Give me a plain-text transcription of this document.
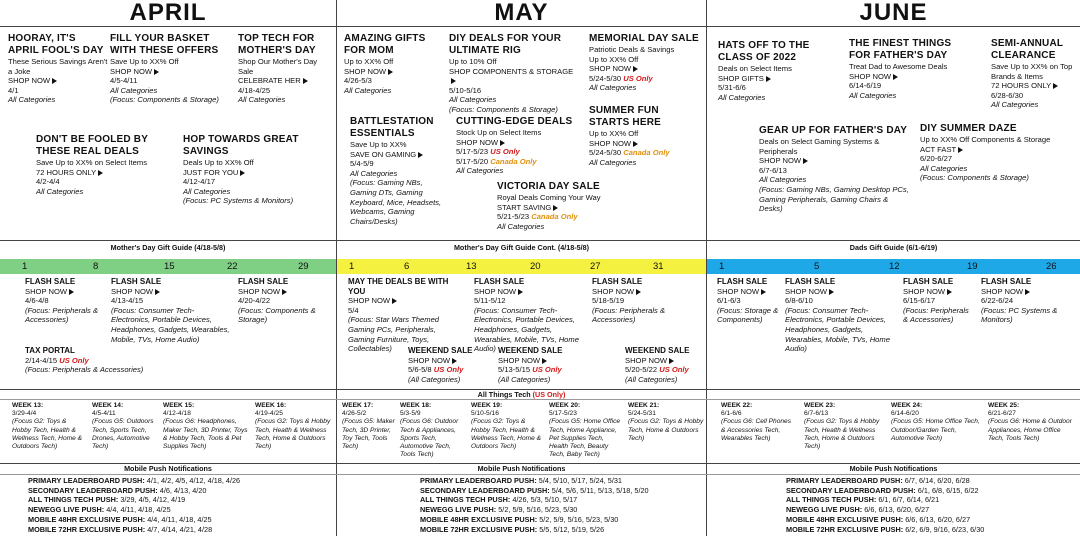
APRIL	MAY	JUNE
HOORAY, IT'S APRIL FOOL'S DAY
These Serious Savings Aren't a Joke
SHOP NOW
4/1
All Categories
FILL YOUR BASKET WITH THESE OFFERS
Save Up to XX% Off
SHOP NOW
4/5-4/11
All Categories
(Focus: Components & Storage)
TOP TECH FOR MOTHER'S DAY
Shop Our Mother's Day Sale
CELEBRATE HER
4/18-4/25
All Categories
DON'T BE FOOLED BY THESE REAL DEALS
Save Up to XX% on Select Items
72 HOURS ONLY
4/2-4/4
All Categories
HOP TOWARDS GREAT SAVINGS
Deals Up to XX% Off
JUST FOR YOU
4/12-4/17
All Categories
(Focus: PC Systems & Monitors)
AMAZING GIFTS FOR MOM
Up to XX% Off
SHOP NOW
4/26-5/3
All Categories
DIY DEALS FOR YOUR ULTIMATE RIG
Up to 10% Off
SHOP COMPONENTS & STORAGE
5/10-5/16
All Categories
(Focus: Components & Storage)
MEMORIAL DAY SALE
Patriotic Deals & Savings
Up to XX% Off
SHOP NOW
5/24-5/30 US Only
All Categories
BATTLESTATION ESSENTIALS
Save Up to XX%
SAVE ON GAMING
5/4-5/9
All Categories
(Focus: Gaming NBs, Gaming DTs, Gaming Keyboard, Mice, Headsets, Webcams, Gaming Chairs/Desks)
CUTTING-EDGE DEALS
Stock Up on Select Items
SHOP NOW
5/17-5/23 US Only
5/17-5/20 Canada Only
All Categories
SUMMER FUN STARTS HERE
Up to XX% Off
SHOP NOW
5/24-5/30 Canada Only
All Categories
VICTORIA DAY SALE
Royal Deals Coming Your Way
START SAVING
5/21-5/23 Canada Only
All Categories
HATS OFF TO THE CLASS OF 2022
Deals on Select Items
SHOP GIFTS
5/31-6/6
All Categories
THE FINEST THINGS FOR FATHER'S DAY
Treat Dad to Awesome Deals
SHOP NOW
6/14-6/19
All Categories
SEMI-ANNUAL CLEARANCE
Save Up to XX% on Top Brands & Items
72 HOURS ONLY
6/28-6/30
All Categories
GEAR UP FOR FATHER'S DAY
Deals on Select Gaming Systems & Peripherals
SHOP NOW
6/7-6/13
All Categories
(Focus: Gaming NBs, Gaming Desktop PCs, Gaming Peripherals, Gaming Chairs & Desks)
DIY SUMMER DAZE
Up to XX% Off Components & Storage
ACT FAST
6/20-6/27
All Categories
(Focus: Components & Storage)
Mother's Day Gift Guide (4/18-5/8)	Mother's Day Gift Guide Cont. (4/18-5/8)	Dads Gift Guide (6/1-6/19)
1	8	15	22	29	1	6	13	20	27	31	1	5	12	19	26
FLASH SALE
SHOP NOW
4/6-4/8
(Focus: Peripherals & Accessories)
FLASH SALE
SHOP NOW
4/13-4/15
(Focus: Consumer Tech-Electronics, Portable Devices, Headphones, Gadgets, Wearables, Mobile, TVs, Home Audio)
FLASH SALE
SHOP NOW
4/20-4/22
(Focus: Components & Storage)
TAX PORTAL
2/14-4/15 US Only
(Focus: Peripherals & Accessories)
MAY THE DEALS BE WITH YOU
SHOP NOW
5/4
(Focus: Star Wars Themed Gaming PCs, Peripherals, Gaming Furniture, Toys, Collectables)
FLASH SALE
SHOP NOW
5/11-5/12
(Focus: Consumer Tech-Electronics, Portable Devices, Headphones, Gadgets, Wearables, Mobile, TVs, Home Audio)
FLASH SALE
SHOP NOW
5/18-5/19
(Focus: Peripherals & Accessories)
WEEKEND SALE
SHOP NOW
5/6-5/8 US Only
(All Categories)
WEEKEND SALE
SHOP NOW
5/13-5/15 US Only
(All Categories)
WEEKEND SALE
SHOP NOW
5/20-5/22 US Only
(All Categories)
FLASH SALE
SHOP NOW
6/1-6/3
(Focus: Storage & Components)
FLASH SALE
SHOP NOW
6/8-6/10
(Focus: Consumer Tech-Electronics, Portable Devices, Headphones, Gadgets, Wearables, Mobile, TVs, Home Audio)
FLASH SALE
SHOP NOW
6/15-6/17
(Focus: Peripherals & Accessories)
FLASH SALE
SHOP NOW
6/22-6/24
(Focus: PC Systems & Monitors)
All Things Tech (US Only)
WEEK 13:
3/29-4/4
(Focus G2: Toys & Hobby Tech, Health & Wellness Tech, Home & Outdoors Tech)
WEEK 14:
4/5-4/11
(Focus G5: Outdoors Tech, Sports Tech, Drones, Automotive Tech)
WEEK 15:
4/12-4/18
(Focus G6: Headphones, Maker Tech, 3D Printer, Toys & Hobby Tech, Tools & Pet Supplies Tech)
WEEK 16:
4/19-4/25
(Focus G2: Toys & Hobby Tech, Health & Wellness Tech, Home & Outdoors Tech)
WEEK 17:
4/26-5/2
(Focus G5: Maker Tech, 3D Printer, Toy Tech, Tools Tech)
WEEK 18:
5/3-5/9
(Focus G6: Outdoor Tech & Appliances, Sports Tech, Automotive Tech, Tools Tech)
WEEK 19:
5/10-5/16
(Focus G2: Toys & Hobby Tech, Health & Wellness Tech, Home & Outdoors Tech)
WEEK 20:
5/17-5/23
(Focus G5: Home Office Tech, Home Appliance, Pet Supplies Tech, Health Tech, Beauty Tech, Baby Tech)
WEEK 21:
5/24-5/31
(Focus G2: Toys & Hobby Tech, Home & Outdoors Tech)
WEEK 22:
6/1-6/6
(Focus G6: Cell Phones & Accessories Tech, Wearables Tech)
WEEK 23:
6/7-6/13
(Focus G2: Toys & Hobby Tech, Health & Wellness Tech, Home & Outdoors Tech)
WEEK 24:
6/14-6/20
(Focus G5: Home Office Tech, Outdoor/Garden Tech, Automotive Tech)
WEEK 25:
6/21-6/27
(Focus G6: Home & Outdoor Appliances, Home Office Tech, Tools Tech)
Mobile Push Notifications	Mobile Push Notifications	Mobile Push Notifications
PRIMARY LEADERBOARD PUSH: 4/1, 4/2, 4/5, 4/12, 4/18, 4/26
SECONDARY LEADERBOARD PUSH: 4/6, 4/13, 4/20
ALL THINGS TECH PUSH: 3/29, 4/5, 4/12, 4/19
NEWEGG LIVE PUSH: 4/4, 4/11, 4/18, 4/25
MOBILE 48HR EXCLUSIVE PUSH: 4/4, 4/11, 4/18, 4/25
MOBILE 72HR EXCLUSIVE PUSH: 4/7, 4/14, 4/21, 4/28
PRIMARY LEADERBOARD PUSH: 5/4, 5/10, 5/17, 5/24, 5/31
SECONDARY LEADERBOARD PUSH: 5/4, 5/6, 5/11, 5/13, 5/18, 5/20
ALL THINGS TECH PUSH: 4/26, 5/3, 5/10, 5/17
NEWEGG LIVE PUSH: 5/2, 5/9, 5/16, 5/23, 5/30
MOBILE 48HR EXCLUSIVE PUSH: 5/2, 5/9, 5/16, 5/23, 5/30
MOBILE 72HR EXCLUSIVE PUSH: 5/5, 5/12, 5/19, 5/26
PRIMARY LEADERBOARD PUSH: 6/7, 6/14, 6/20, 6/28
SECONDARY LEADERBOARD PUSH: 6/1, 6/8, 6/15, 6/22
ALL THINGS TECH PUSH: 6/1, 6/7, 6/14, 6/21
NEWEGG LIVE PUSH: 6/6, 6/13, 6/20, 6/27
MOBILE 48HR EXCLUSIVE PUSH: 6/6, 6/13, 6/20, 6/27
MOBILE 72HR EXCLUSIVE PUSH: 6/2, 6/9, 9/16, 6/23, 6/30
